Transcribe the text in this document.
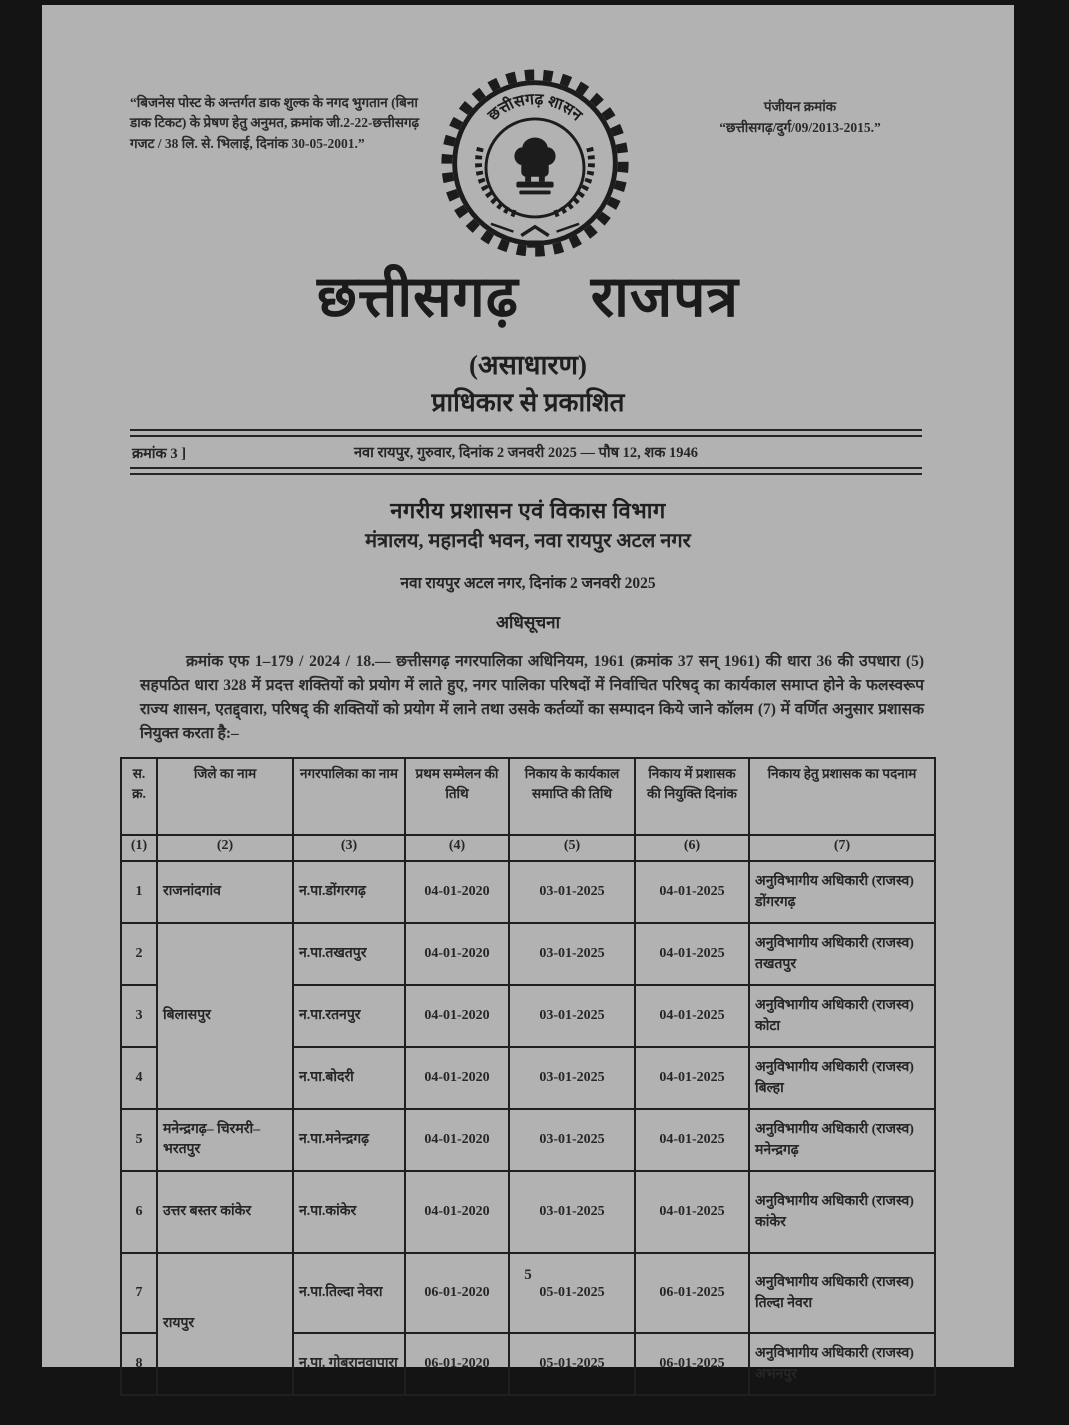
“बिजनेस पोस्ट के अन्तर्गत डाक शुल्क के नगद भुगतान (बिना डाक टिकट) के प्रेषण हेतु अनुमत, क्रमांक जी.2-22-छत्तीसगढ़ गजट / 38 लि. से. भिलाई, दिनांक 30-05-2001.”
छत्तीसगढ़ शासन	पंजीयन क्रमांक
“छत्तीसगढ़/दुर्ग/09/2013-2015.”
छत्तीसगढ़ राजपत्र
(असाधारण)
प्राधिकार से प्रकाशित
क्रमांक 3 ]	नवा रायपुर, गुरुवार, दिनांक 2 जनवरी 2025 — पौष 12, शक 1946
नगरीय प्रशासन एवं विकास विभाग
मंत्रालय, महानदी भवन, नवा रायपुर अटल नगर
नवा रायपुर अटल नगर, दिनांक 2 जनवरी 2025
अधिसूचना
क्रमांक एफ 1–179 / 2024 / 18.— छत्तीसगढ़ नगरपालिका अधिनियम, 1961 (क्रमांक 37 सन् 1961) की धारा 36 की उपधारा (5) सहपठित धारा 328 में प्रदत्त शक्तियों को प्रयोग में लाते हुए, नगर पालिका परिषदों में निर्वाचित परिषद् का कार्यकाल समाप्त होने के फलस्वरूप राज्य शासन, एतद्द्वारा, परिषद् की शक्तियों को प्रयोग में लाने तथा उसके कर्तव्यों का सम्पादन किये जाने कॉलम (7) में वर्णित अनुसार प्रशासक नियुक्त करता है:–
स. क्र.	जिले का नाम	नगरपालिका का नाम	प्रथम सम्मेलन की तिथि	निकाय के कार्यकाल समाप्ति की तिथि	निकाय में प्रशासक की नियुक्ति दिनांक	निकाय हेतु प्रशासक का पदनाम
(1)	(2)	(3)	(4)	(5)	(6)	(7)
1	राजनांदगांव	न.पा.डोंगरगढ़	04-01-2020	03-01-2025	04-01-2025	अनुविभागीय अधिकारी (राजस्व) डोंगरगढ़
2	बिलासपुर	न.पा.तखतपुर	04-01-2020	03-01-2025	04-01-2025	अनुविभागीय अधिकारी (राजस्व) तखतपुर
3		न.पा.रतनपुर	04-01-2020	03-01-2025	04-01-2025	अनुविभागीय अधिकारी (राजस्व) कोटा
4		न.पा.बोदरी	04-01-2020	03-01-2025	04-01-2025	अनुविभागीय अधिकारी (राजस्व) बिल्हा
5	मनेन्द्रगढ़– चिरमरी– भरतपुर	न.पा.मनेन्द्रगढ़	04-01-2020	03-01-2025	04-01-2025	अनुविभागीय अधिकारी (राजस्व) मनेन्द्रगढ़
6	उत्तर बस्तर कांकेर	न.पा.कांकेर	04-01-2020	03-01-2025	04-01-2025	अनुविभागीय अधिकारी (राजस्व) कांकेर
7	रायपुर	न.पा.तिल्दा नेवरा	06-01-2020	05-01-2025	06-01-2025	अनुविभागीय अधिकारी (राजस्व) तिल्दा नेवरा
8		न.पा. गोबरानवापारा	06-01-2020	05-01-2025	06-01-2025	अनुविभागीय अधिकारी (राजस्व) अभनपुर
5
